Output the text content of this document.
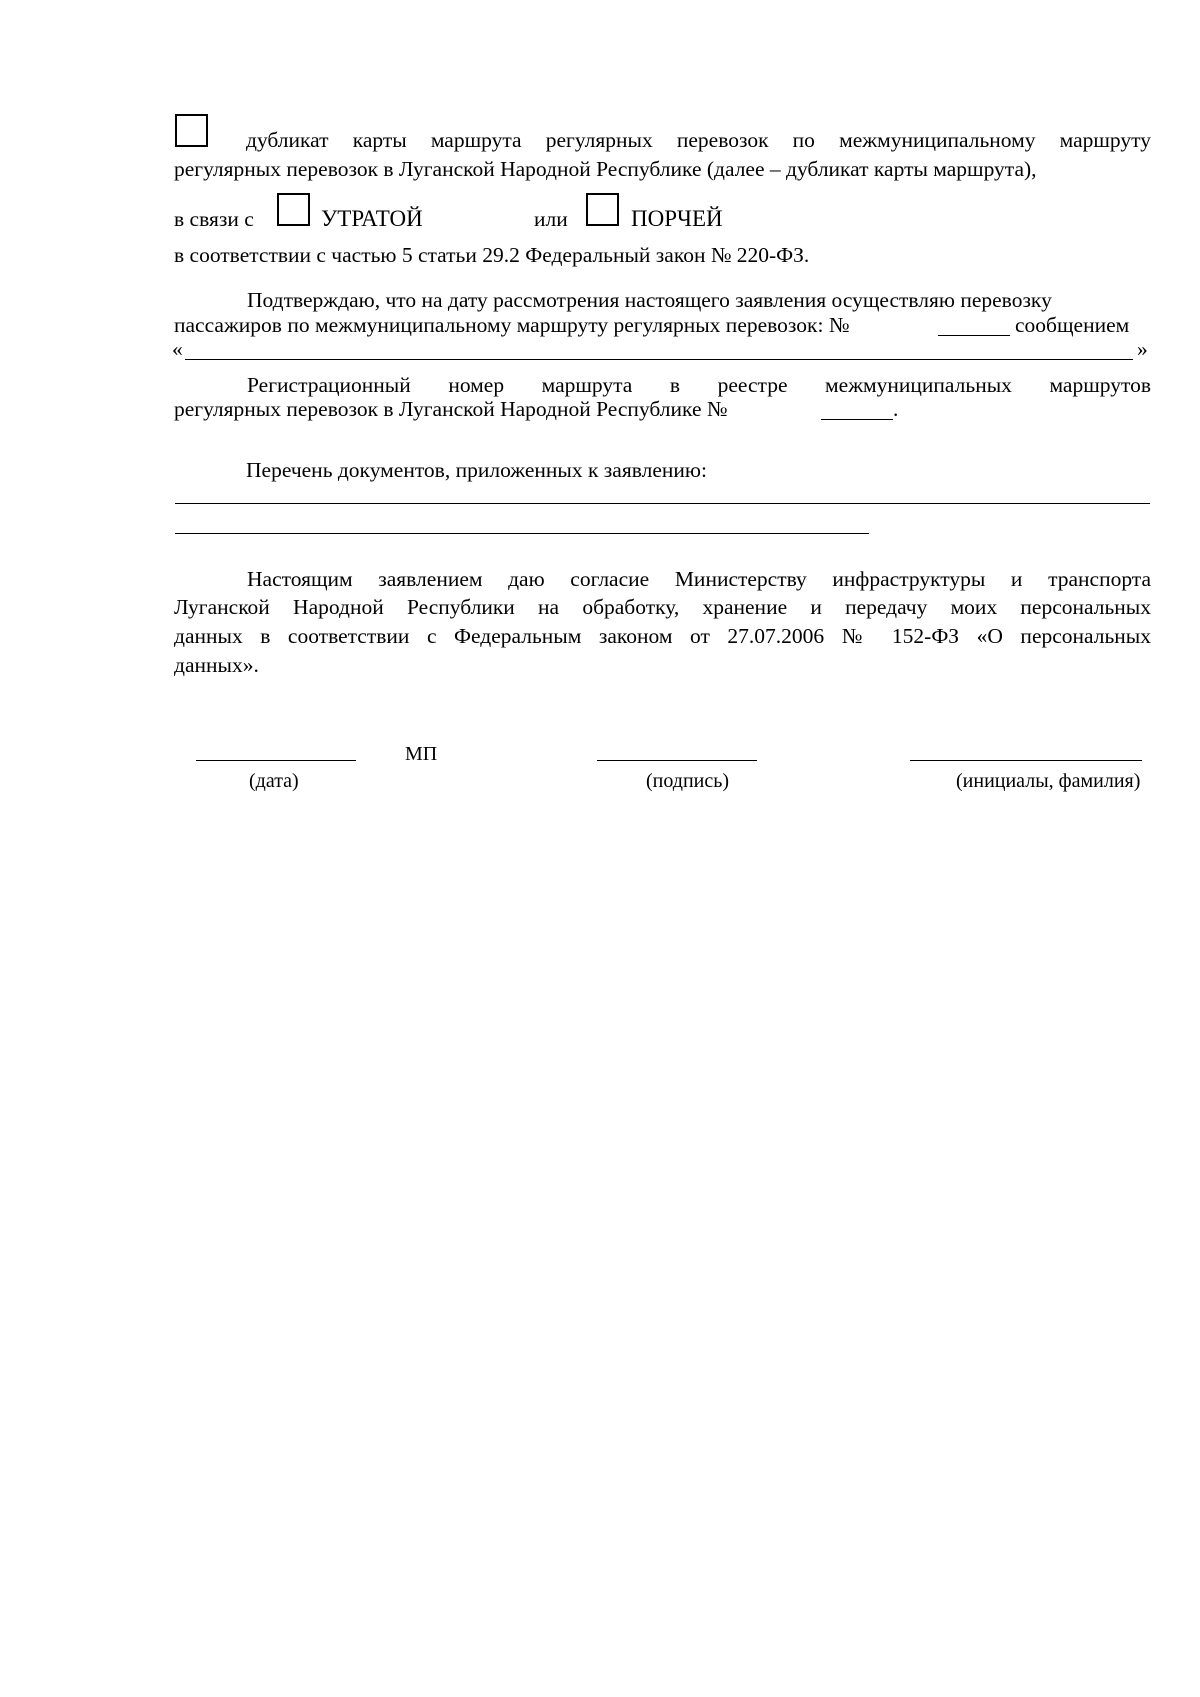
дубликат карты маршрута регулярных перевозок по межмуниципальному маршруту
регулярных перевозок в Луганской Народной Республике (далее – дубликат карты маршрута),
в связи с	УТРАТОЙ	или	ПОРЧЕЙ
в соответствии с частью 5 статьи 29.2 Федеральный закон № 220-ФЗ.
Подтверждаю, что на дату рассмотрения настоящего заявления осуществляю перевозку
пассажиров по межмуниципальному маршруту регулярных перевозок: №	сообщением
«	»
Регистрационный номер маршрута в реестре межмуниципальных маршрутов
регулярных перевозок в Луганской Народной Республике №	.
Перечень документов, приложенных к заявлению:
Настоящим заявлением даю согласие Министерству инфраструктуры и транспорта
Луганской Народной Республики на обработку, хранение и передачу моих персональных
данных в соответствии с Федеральным законом от 27.07.2006 № 152-ФЗ «О персональных
данных».
МП
(дата)	(подпись)	(инициалы, фамилия)
